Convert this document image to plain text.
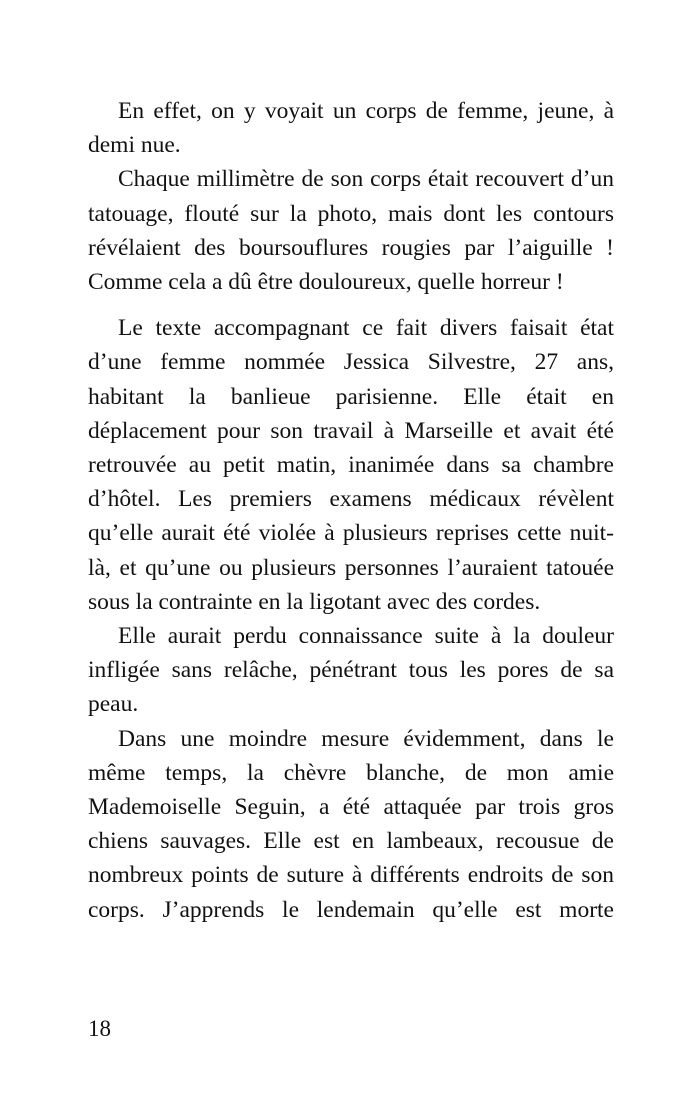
En effet, on y voyait un corps de femme, jeune, à demi nue.

Chaque millimètre de son corps était recouvert d’un tatouage, flouté sur la photo, mais dont les contours révélaient des boursouflures rougies par l’aiguille ! Comme cela a dû être douloureux, quelle horreur !

Le texte accompagnant ce fait divers faisait état d’une femme nommée Jessica Silvestre, 27 ans, habitant la banlieue parisienne. Elle était en déplacement pour son travail à Marseille et avait été retrouvée au petit matin, inanimée dans sa chambre d’hôtel. Les premiers examens médicaux révèlent qu’elle aurait été violée à plusieurs reprises cette nuit-là, et qu’une ou plusieurs personnes l’auraient tatouée sous la contrainte en la ligotant avec des cordes.

Elle aurait perdu connaissance suite à la douleur infligée sans relâche, pénétrant tous les pores de sa peau.

Dans une moindre mesure évidemment, dans le même temps, la chèvre blanche, de mon amie Mademoiselle Seguin, a été attaquée par trois gros chiens sauvages. Elle est en lambeaux, recousue de nombreux points de suture à différents endroits de son corps. J’apprends le lendemain qu’elle est morte

18
